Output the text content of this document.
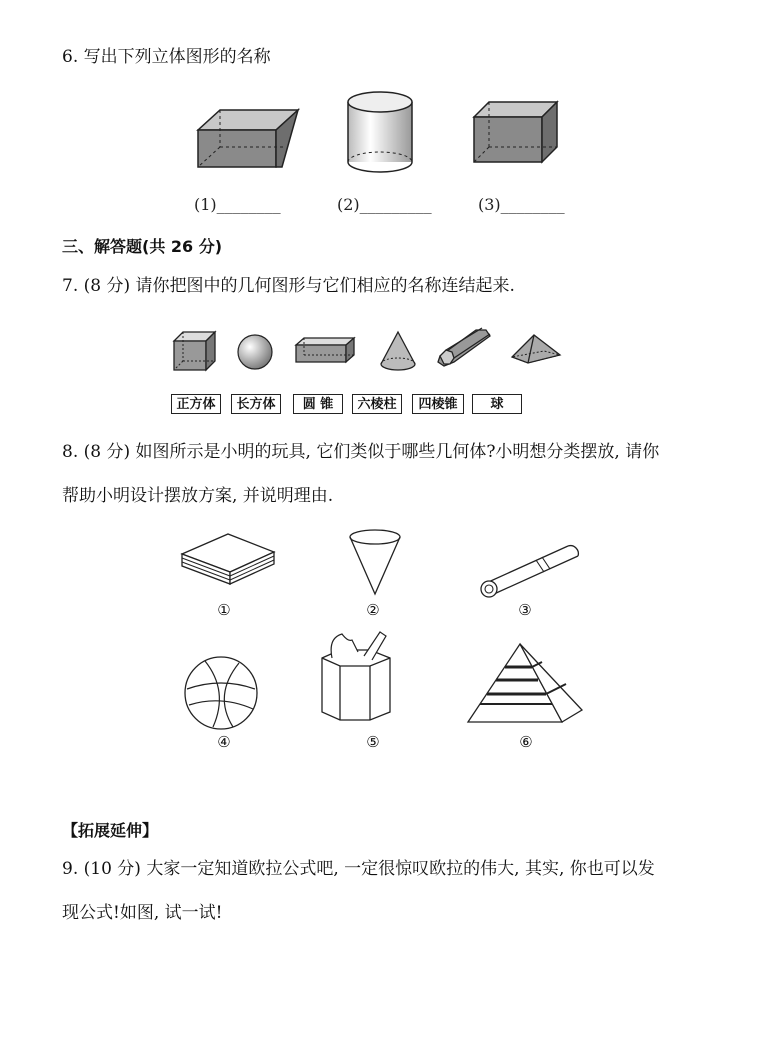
6. 写出下列立体图形的名称
(1)________	(2)_________	(3)________
三、解答题(共 26 分)
7. (8 分) 请你把图中的几何图形与它们相应的名称连结起来.
正方体	长方体	圆 锥	六棱柱	四棱锥	球
8. (8 分) 如图所示是小明的玩具, 它们类似于哪些几何体?小明想分类摆放, 请你
帮助小明设计摆放方案, 并说明理由.
①	②	③
④	⑤	⑥
【拓展延伸】
9. (10 分) 大家一定知道欧拉公式吧, 一定很惊叹欧拉的伟大, 其实, 你也可以发
现公式!如图, 试一试!
